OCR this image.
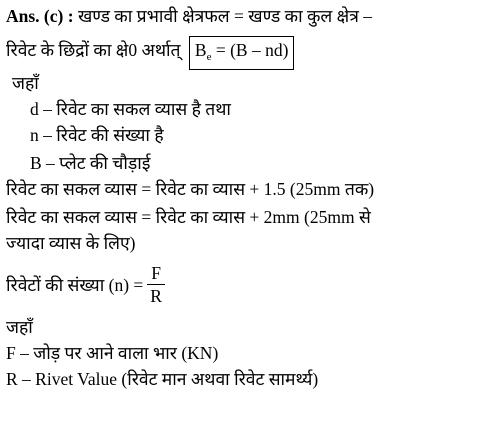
Ans. (c) : खण्ड का प्रभावी क्षेत्रफल = खण्ड का कुल क्षेत्र –
रिवेट के छिद्रों का क्षे0 अर्थात् $B_e = (B - nd)$
जहाँ
d – रिवेट का सकल व्यास है तथा
n – रिवेट की संख्या है
B – प्लेट की चौड़ाई
रिवेट का सकल व्यास = रिवेट का व्यास + 1.5 (25mm तक)
रिवेट का सकल व्यास = रिवेट का व्यास + 2mm (25mm से
ज्यादा व्यास के लिए)
रिवेटों की संख्या $(n) = \frac{F}{R}$
जहाँ
F – जोड़ पर आने वाला भार (KN)
R – Rivet Value (रिवेट मान अथवा रिवेट सामर्थ्य)
